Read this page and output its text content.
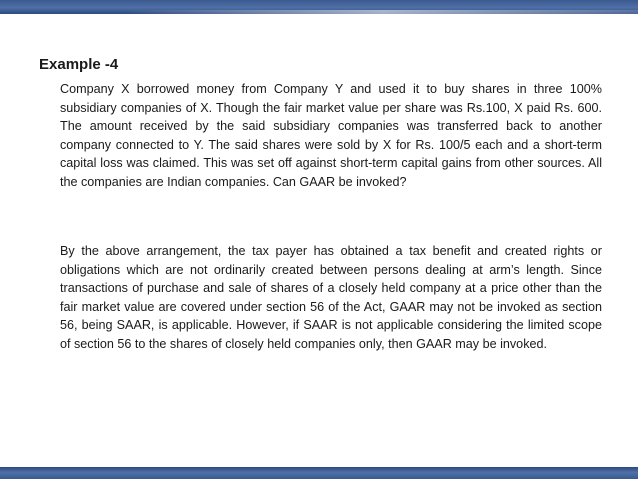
Example -4

Company X borrowed money from Company Y and used it to buy shares in three 100% subsidiary companies of X. Though the fair market value per share was Rs.100, X paid Rs. 600. The amount received by the said subsidiary companies was transferred back to another company connected to Y. The said shares were sold by X for Rs. 100/5 each and a short-term capital loss was claimed. This was set off against short-term capital gains from other sources. All the companies are Indian companies. Can GAAR be invoked?

By the above arrangement, the tax payer has obtained a tax benefit and created rights or obligations which are not ordinarily created between persons dealing at arm’s length. Since transactions of purchase and sale of shares of a closely held company at a price other than the fair market value are covered under section 56 of the Act, GAAR may not be invoked as section 56, being SAAR, is applicable. However, if SAAR is not applicable considering the limited scope of section 56 to the shares of closely held companies only, then GAAR may be invoked.
